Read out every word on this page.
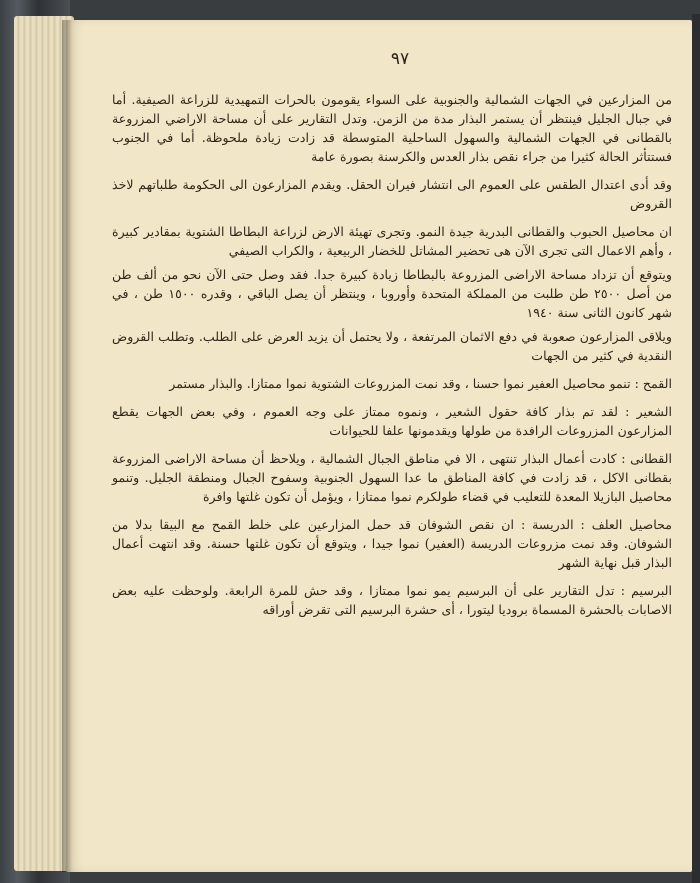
٩٧

من المزارعين في الجهات الشمالية والجنوبية على السواء يقومون بالحرات التمهيدية للزراعة الصيفية. أما في جبال الجليل فينتظر أن يستمر البذار مدة من الزمن. وتدل التقارير على أن مساحة الاراضي المزروعة بالقطانى في الجهات الشمالية والسهول الساحلية المتوسطة قد زادت زيادة ملحوظة. أما في الجنوب فستتأثر الحالة كثيرا من جراء نقص بذار العدس والكرسنة بصورة عامة

وقد أدى اعتدال الطقس على العموم الى انتشار فيران الحقل. ويقدم المزارعون الى الحكومة طلباتهم لاخذ القروض

ان محاصيل الحبوب والقطانى البدرية جيدة النمو. وتجرى تهيئة الارض لزراعة البطاطا الشتوية بمقادير كبيرة ، وأهم الاعمال التى تجرى الآن هى تحضير المشاتل للخضار الربيعية ، والكراب الصيفي

ويتوقع أن تزداد مساحة الاراضى المزروعة بالبطاطا زيادة كبيرة جدا. فقد وصل حتى الآن نحو من ألف طن من أصل ٢٥٠٠ طن طلبت من المملكة المتحدة وأوروبا ، وينتظر أن يصل الباقي ، وقدره ١٥٠٠ طن ، في شهر كانون الثانى سنة ١٩٤٠

ويلاقى المزارعون صعوبة في دفع الاثمان المرتفعة ، ولا يحتمل أن يزيد العرض على الطلب. وتطلب القروض النقدية في كثير من الجهات

القمح : تنمو محاصيل العفير نموا حسنا ، وقد نمت المزروعات الشتوية نموا ممتازا. والبذار مستمر

الشعير : لقد تم بذار كافة حقول الشعير ، ونموه ممتاز على وجه العموم ، وفي بعض الجهات يقطع المزارعون المزروعات الرافدة من طولها ويقدمونها علفا للحيوانات

القطانى : كادت أعمال البذار تنتهى ، الا في مناطق الجبال الشمالية ، ويلاحظ أن مساحة الاراضى المزروعة بقطانى الاكل ، قد زادت في كافة المناطق ما عدا السهول الجنوبية وسفوح الجبال ومنطقة الجليل. وتنمو محاصيل البازيلا المعدة للتعليب في قضاء طولكرم نموا ممتازا ، ويؤمل أن تكون غلتها وافرة

محاصيل العلف : الدريسة : ان نقص الشوفان قد حمل المزارعين على خلط القمح مع البيقا بدلا من الشوفان. وقد نمت مزروعات الدريسة (العفير) نموا جيدا ، ويتوقع أن تكون غلتها حسنة. وقد انتهت أعمال البذار قبل نهاية الشهر

البرسيم : تدل التقارير على أن البرسيم يمو نموا ممتازا ، وقد حش للمرة الرابعة. ولوحظت عليه بعض الاصابات بالحشرة المسماة بروديا ليتورا ، أى حشرة البرسيم التى تقرض أوراقه
